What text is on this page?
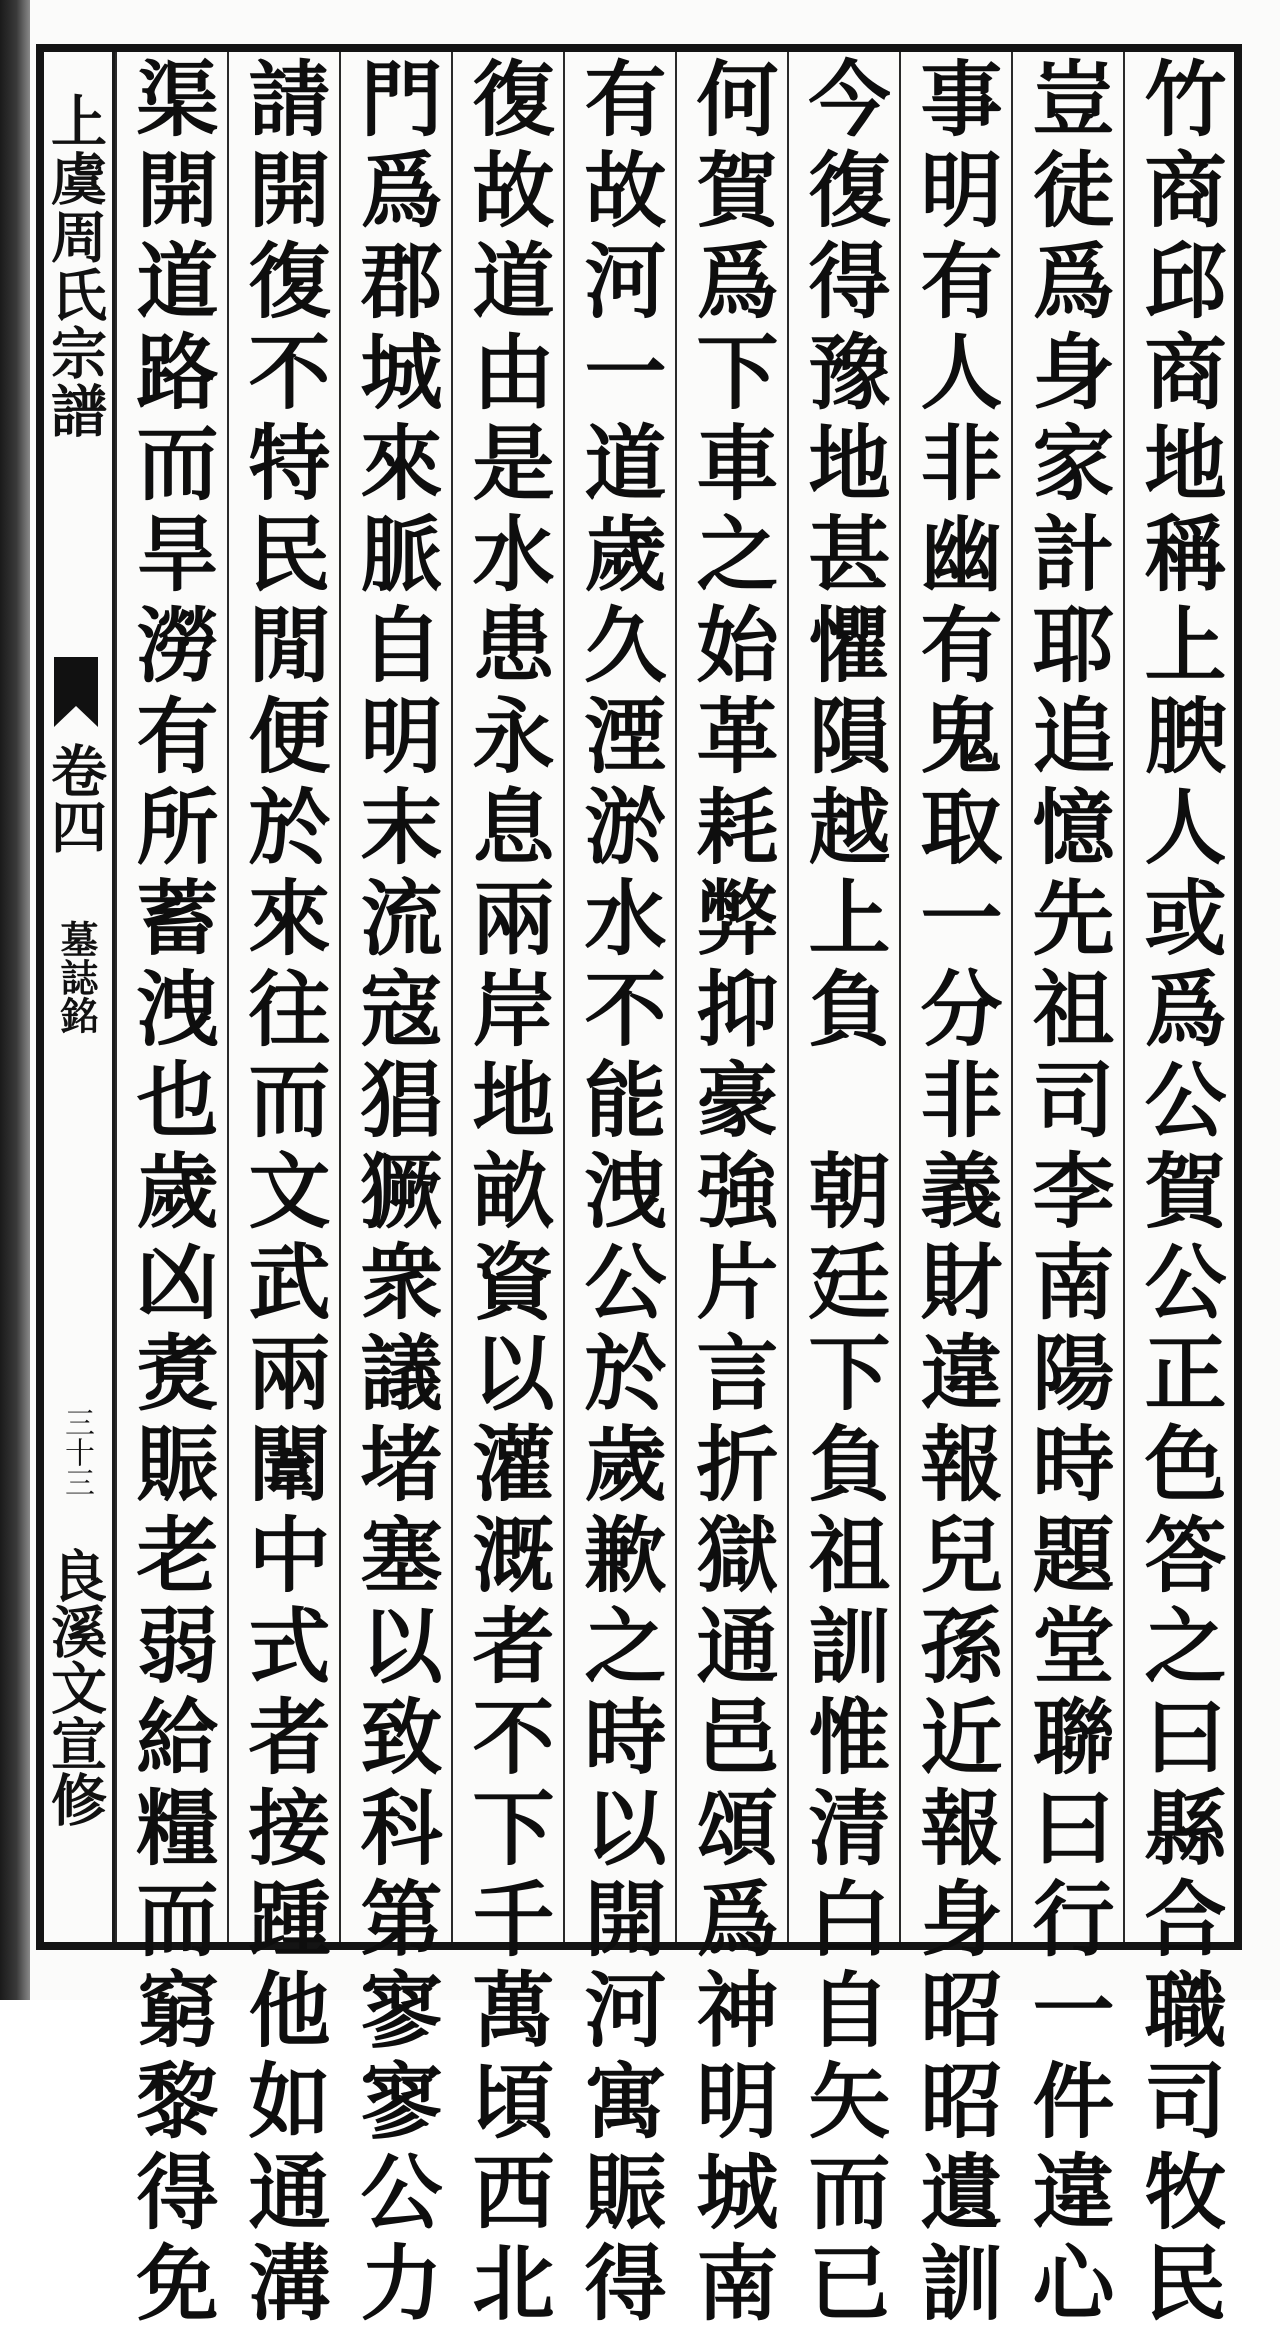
上虞周氏宗譜
卷四
墓誌銘
三十三
良溪文宣修	竹商邱商地稱上腴人或爲公賀公正色答之曰縣合職司牧民
豈徒爲身家計耶追憶先祖司李南陽時題堂聯曰行一件違心
事明有人非幽有鬼取一分非義財違報兒孫近報身昭昭遺訓
今復得豫地甚懼隕越上負　朝廷下負祖訓惟清白自矢而已
何賀爲下車之始革耗弊抑豪強片言折獄通邑頌爲神明城南
有故河一道歲久湮淤水不能洩公於歲歉之時以開河寓賑得
復故道由是水患永息兩岸地畝資以灌溉者不下千萬頃西北
門爲郡城來脈自明末流寇猖獗衆議堵塞以致科第寥寥公力
請開復不特民閒便於來往而文武兩闈中式者接踵他如通溝
渠開道路而旱澇有所蓄洩也歲凶煑賑老弱給糧而窮黎得免
